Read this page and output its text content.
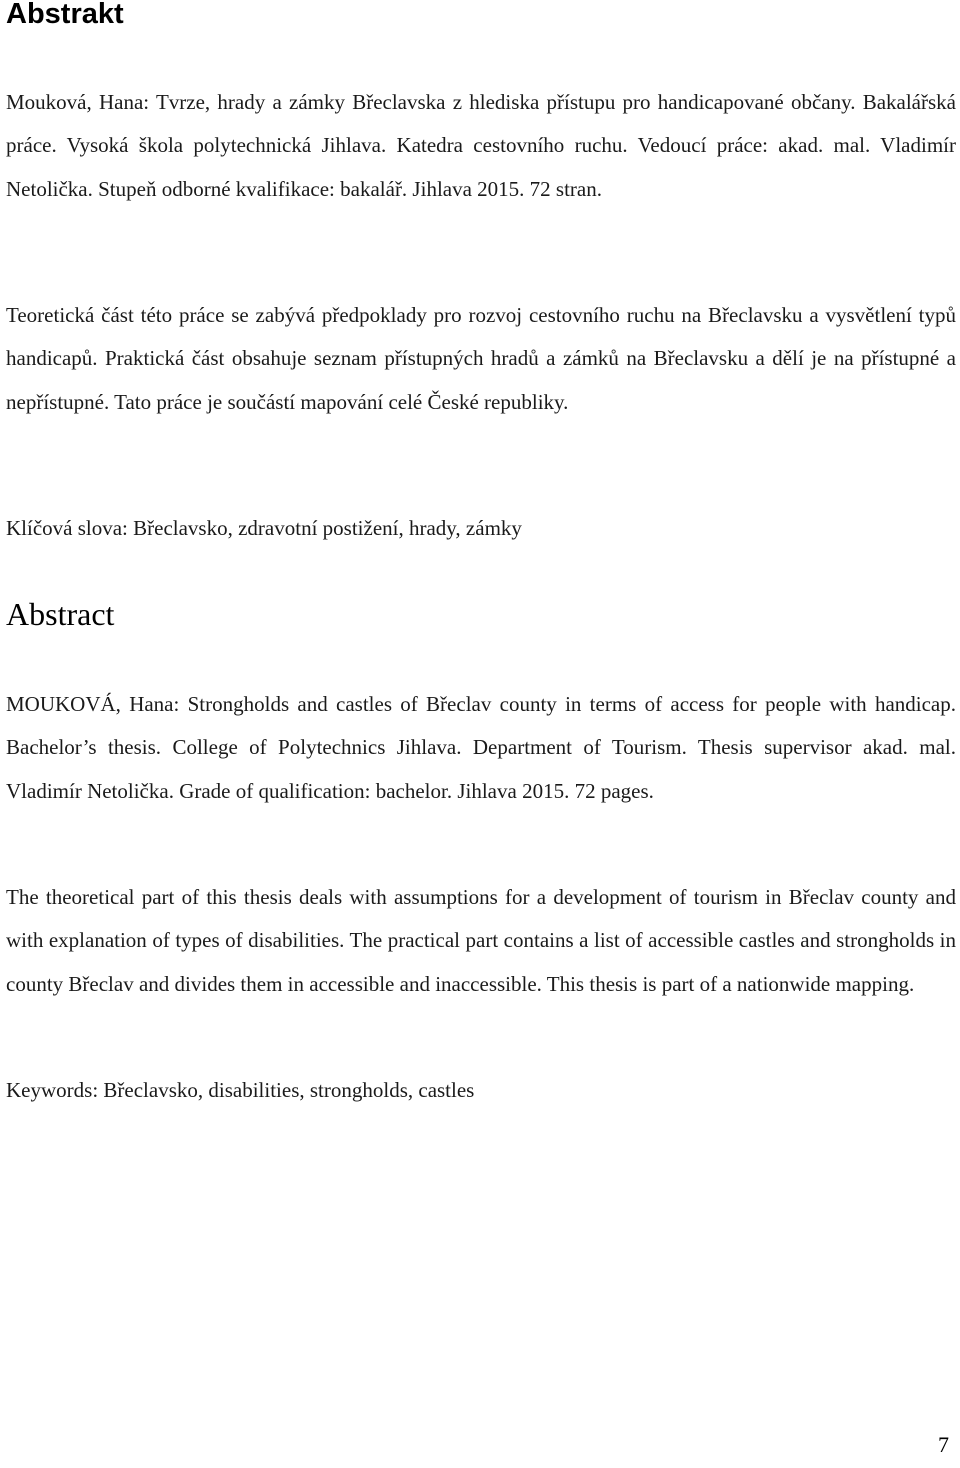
Abstrakt

Mouková, Hana: Tvrze, hrady a zámky Břeclavska z hlediska přístupu pro handicapované občany. Bakalářská práce. Vysoká škola polytechnická Jihlava. Katedra cestovního ruchu. Vedoucí práce: akad. mal. Vladimír Netolička. Stupeň odborné kvalifikace: bakalář. Jihlava 2015. 72 stran.

Teoretická část této práce se zabývá předpoklady pro rozvoj cestovního ruchu na Břeclavsku a vysvětlení typů handicapů. Praktická část obsahuje seznam přístupných hradů a zámků na Břeclavsku a dělí je na přístupné a nepřístupné. Tato práce je součástí mapování celé České republiky.

Klíčová slova: Břeclavsko, zdravotní postižení, hrady, zámky

Abstract

MOUKOVÁ, Hana: Strongholds and castles of Břeclav county in terms of access for people with handicap. Bachelor’s thesis. College of Polytechnics Jihlava. Department of Tourism. Thesis supervisor akad. mal. Vladimír Netolička. Grade of qualification: bachelor. Jihlava 2015. 72 pages.

The theoretical part of this thesis deals with assumptions for a development of tourism in Břeclav county and with explanation of types of disabilities. The practical part contains a list of accessible castles and strongholds in county Břeclav and divides them in accessible and inaccessible. This thesis is part of a nationwide mapping.

Keywords: Břeclavsko, disabilities, strongholds, castles

7
